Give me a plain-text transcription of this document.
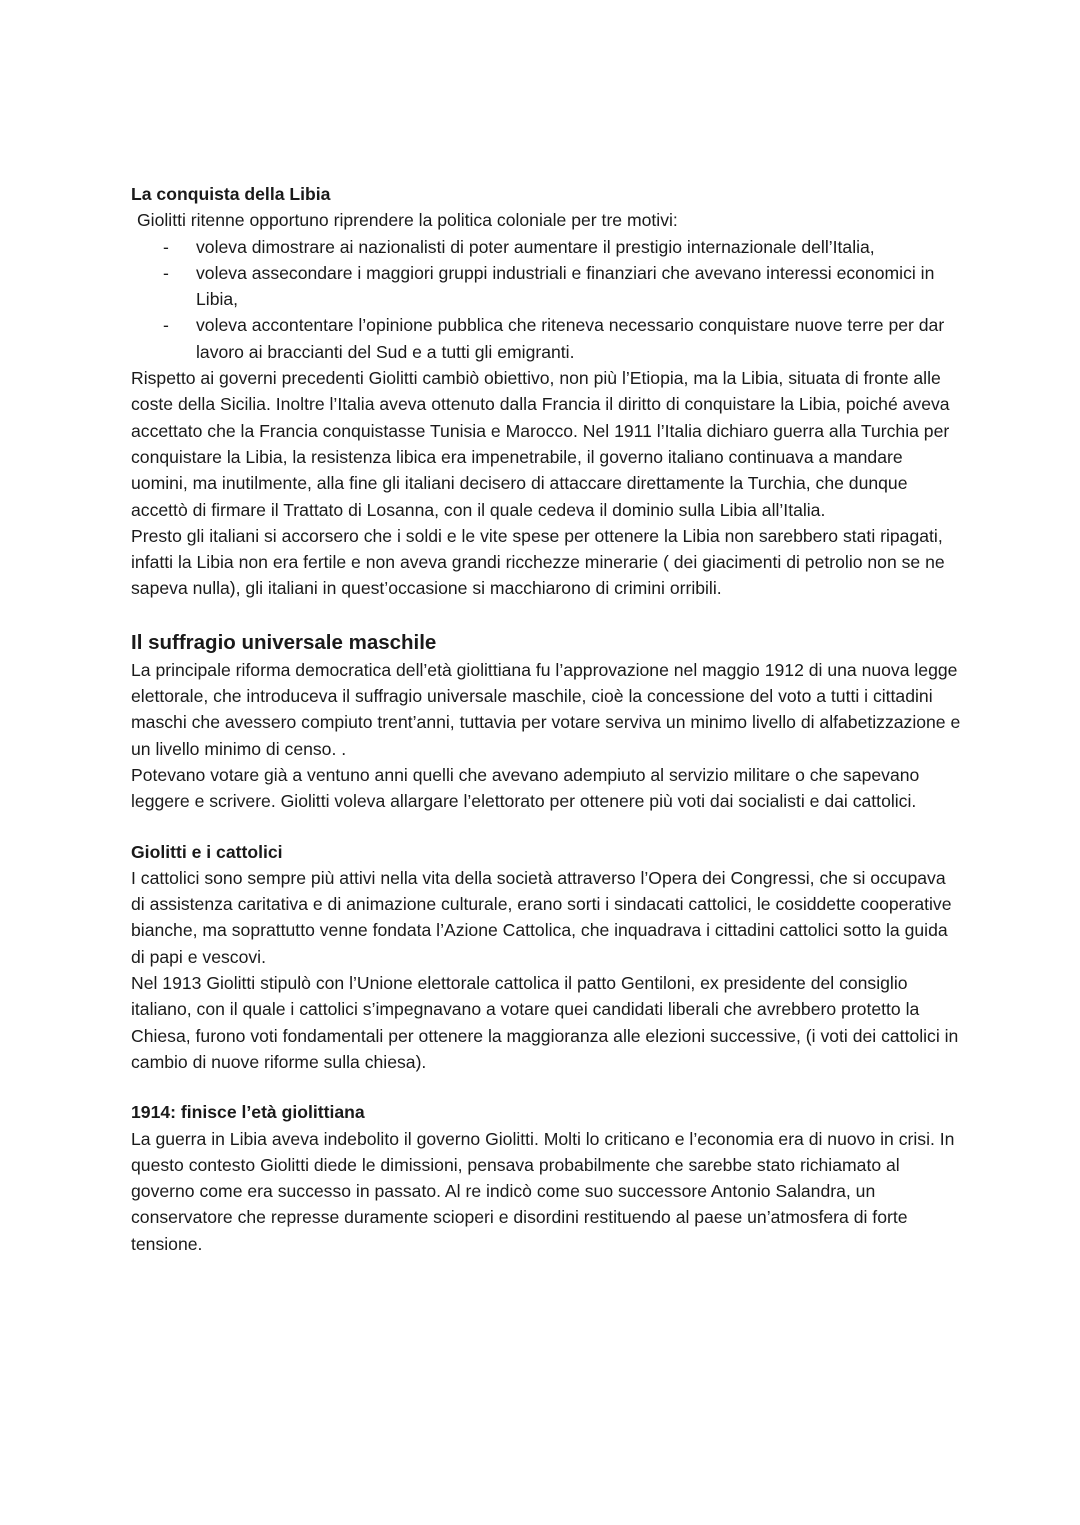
La conquista della Libia

Giolitti ritenne opportuno riprendere la politica coloniale per tre motivi:

- voleva dimostrare ai nazionalisti di poter aumentare il prestigio internazionale dell’Italia,
- voleva assecondare i maggiori gruppi industriali e finanziari che avevano interessi economici in Libia,
- voleva accontentare l’opinione pubblica che riteneva necessario conquistare nuove terre per dar lavoro ai braccianti del Sud e a tutti gli emigranti.

Rispetto ai governi precedenti Giolitti cambiò obiettivo, non più l’Etiopia, ma la Libia, situata di fronte alle coste della Sicilia. Inoltre l’Italia aveva ottenuto dalla Francia il diritto di conquistare la Libia, poiché aveva accettato che la Francia conquistasse Tunisia e Marocco. Nel 1911 l’Italia dichiaro guerra alla Turchia per conquistare la Libia, la resistenza libica era impenetrabile, il governo italiano continuava a mandare uomini, ma inutilmente, alla fine gli italiani decisero di attaccare direttamente la Turchia, che dunque accettò di firmare il Trattato di Losanna, con il quale cedeva il dominio sulla Libia all’Italia.

Presto gli italiani si accorsero che i soldi e le vite spese per ottenere la Libia non sarebbero stati ripagati, infatti la Libia non era fertile e non aveva grandi ricchezze minerarie ( dei giacimenti di petrolio non se ne sapeva nulla), gli italiani in quest’occasione si macchiarono di crimini orribili.

Il suffragio universale maschile

La principale riforma democratica dell’età giolittiana fu l’approvazione nel maggio 1912 di una nuova legge elettorale, che introduceva il suffragio universale maschile, cioè la concessione del voto a tutti i cittadini maschi che avessero compiuto trent’anni, tuttavia per votare serviva un minimo livello di alfabetizzazione e un livello minimo di censo. .

Potevano votare già a ventuno anni quelli che avevano adempiuto al servizio militare o che sapevano leggere e scrivere. Giolitti voleva allargare l’elettorato per ottenere più voti dai socialisti e dai cattolici.

Giolitti e i cattolici

I cattolici sono sempre più attivi nella vita della società attraverso l’Opera dei Congressi, che si occupava di assistenza caritativa e di animazione culturale, erano sorti i sindacati cattolici, le cosiddette cooperative bianche, ma soprattutto venne fondata l’Azione Cattolica, che inquadrava i cittadini cattolici sotto la guida di papi e vescovi.

Nel 1913 Giolitti stipulò con l’Unione elettorale cattolica il patto Gentiloni, ex presidente del consiglio italiano, con il quale i cattolici s’impegnavano a votare quei candidati liberali che avrebbero protetto la Chiesa, furono voti fondamentali per ottenere la maggioranza alle elezioni successive, (i voti dei cattolici in cambio di nuove riforme sulla chiesa).

1914: finisce l’età giolittiana

La guerra in Libia aveva indebolito il governo Giolitti. Molti lo criticano e l’economia era di nuovo in crisi. In questo contesto Giolitti diede le dimissioni, pensava probabilmente che sarebbe stato richiamato al governo come era successo in passato. Al re indicò come suo successore Antonio Salandra, un conservatore che represse duramente scioperi e disordini restituendo al paese un’atmosfera di forte tensione.
